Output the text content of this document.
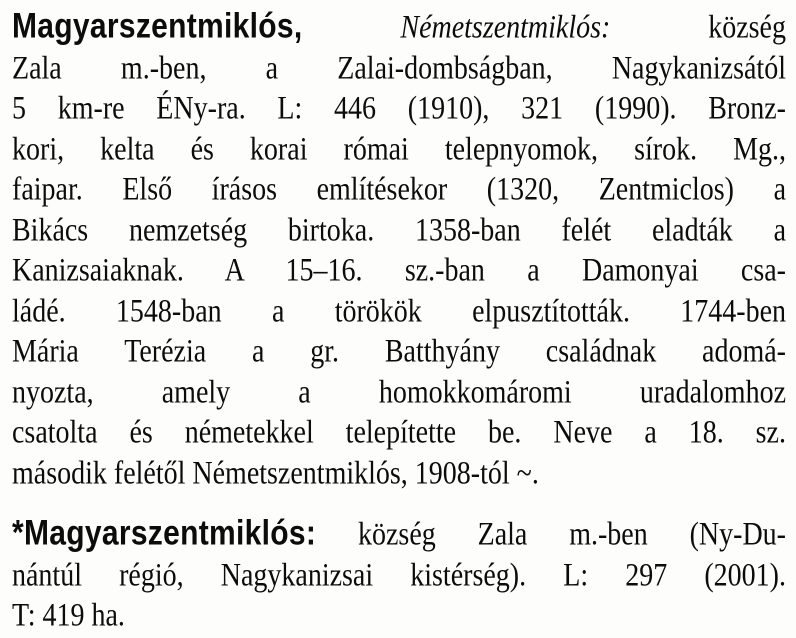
Magyarszentmiklós,	Németszentmiklós:	község
Zala m.-ben, a Zalai-dombságban, Nagykanizsától
5 km-re ÉNy-ra. L: 446 (1910), 321 (1990). Bronz-
kori, kelta és korai római telepnyomok, sírok. Mg.,
faipar. Első írásos említésekor (1320, Zentmiclos) a
Bikács nemzetség birtoka. 1358-ban felét eladták a
Kanizsaiaknak. A 15–16. sz.-ban a Damonyai csa-
ládé. 1548-ban a törökök elpusztították. 1744-ben
Mária Terézia a gr. Batthyány családnak adomá-
nyozta, amely a homokkomáromi uradalomhoz
csatolta és németekkel telepítette be. Neve a 18. sz.
második felétől Németszentmiklós, 1908-tól ~.
*Magyarszentmiklós: község Zala m.-ben (Ny-Du-
nántúl régió, Nagykanizsai kistérség). L: 297 (2001).
T: 419 ha.
